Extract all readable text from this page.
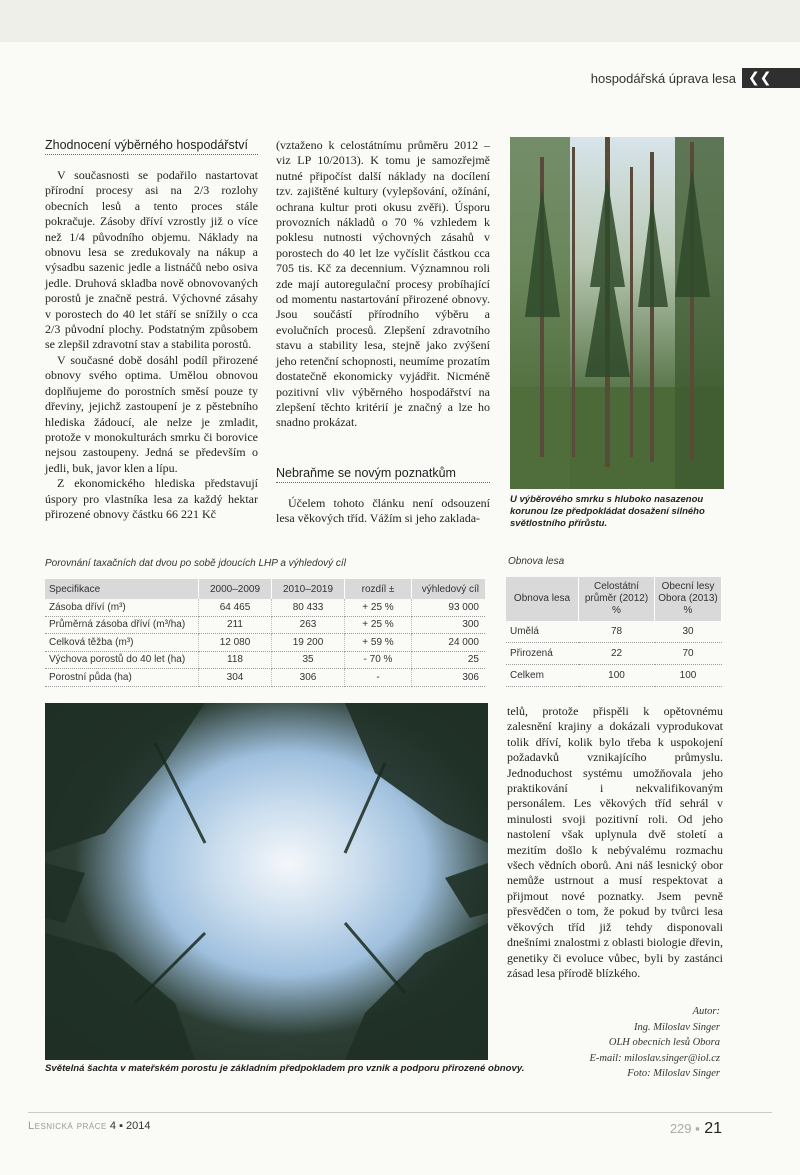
hospodářská úprava lesa ❮❮
Zhodnocení výběrného hospodářství

V současnosti se podařilo nastartovat přírodní procesy asi na 2/3 rozlohy obecních lesů a tento proces stále pokračuje. Zásoby dříví vzrostly již o více než 1/4 původního objemu. Náklady na obnovu lesa se zredukovaly na nákup a výsadbu sazenic jedle a listnáčů nebo osiva jedle. Druhová skladba nově obnovovaných porostů je značně pestrá. Výchovné zásahy v porostech do 40 let stáří se snížily o cca 2/3 původní plochy. Podstatným způsobem se zlepšil zdravotní stav a stabilita porostů.

V současné době dosáhl podíl přirozené obnovy svého optima. Umělou obnovou doplňujeme do porostních směsí pouze ty dřeviny, jejichž zastoupení je z pěstebního hlediska žádoucí, ale nelze je zmladit, protože v monokulturách smrku či borovice nejsou zastoupeny. Jedná se především o jedli, buk, javor klen a lípu.

Z ekonomického hlediska představují úspory pro vlastníka lesa za každý hektar přirozené obnovy částku 66 221 Kč

(vztaženo k celostátnímu průměru 2012 – viz LP 10/2013). K tomu je samozřejmě nutné připočíst další náklady na docílení tzv. zajištěné kultury (vylepšování, ožínání, ochrana kultur proti okusu zvěři). Úsporu provozních nákladů o 70 % vzhledem k poklesu nutnosti výchovných zásahů v porostech do 40 let lze vyčíslit částkou cca 705 tis. Kč za decennium. Významnou roli zde mají autoregulační procesy probíhající od momentu nastartování přirozené obnovy. Jsou součástí přírodního výběru a evolučních procesů. Zlepšení zdravotního stavu a stability lesa, stejně jako zvýšení jeho retenční schopnosti, neumíme prozatím dostatečně ekonomicky vyjádřit. Nicméně pozitivní vliv výběrného hospodářství na zlepšení těchto kritérií je značný a lze ho snadno prokázat.

Nebraňme se novým poznatkům

Účelem tohoto článku není odsouzení lesa věkových tříd. Vážím si jeho zaklada-

U výběrového smrku s hluboko nasazenou korunou lze předpokládat dosažení silného světlostního přírůstu.
Porovnání taxačních dat dvou po sobě jdoucích LHP a výhledový cíl
Specifikace	2000–2009	2010–2019	rozdíl ±	výhledový cíl
Zásoba dříví (m³)	64 465	80 433	+ 25 %	93 000
Průměrná zásoba dříví (m³/ha)	211	263	+ 25 %	300
Celková těžba (m³)	12 080	19 200	+ 59 %	24 000
Výchova porostů do 40 let (ha)	118	35	- 70 %	25
Porostní půda (ha)	304	306	-	306
Obnova lesa
Obnova lesa	Celostátní průměr (2012) %	Obecní lesy Obora (2013) %
Umělá	78	30
Přirozená	22	70
Celkem	100	100
Světelná šachta v mateřském porostu je základním předpokladem pro vznik a podporu přirozené obnovy.

telů, protože přispěli k opětovnému zalesnění krajiny a dokázali vyprodukovat tolik dříví, kolik bylo třeba k uspokojení požadavků vznikajícího průmyslu. Jednoduchost systému umožňovala jeho praktikování i nekvalifikovaným personálem. Les věkových tříd sehrál v minulosti svoji pozitivní roli. Od jeho nastolení však uplynula dvě století a mezitím došlo k nebývalému rozmachu všech vědních oborů. Ani náš lesnický obor nemůže ustrnout a musí respektovat a přijmout nové poznatky. Jsem pevně přesvědčen o tom, že pokud by tvůrci lesa věkových tříd již tehdy disponovali dnešními znalostmi z oblasti biologie dřevin, genetiky či evoluce vůbec, byli by zastánci zásad lesa přírodě blízkého.

Autor:
Ing. Miloslav Singer
OLH obecních lesů Obora
E-mail: miloslav.singer@iol.cz
Foto: Miloslav Singer
Lesnická práce 4 ▪ 2014	229 ▪ 21
